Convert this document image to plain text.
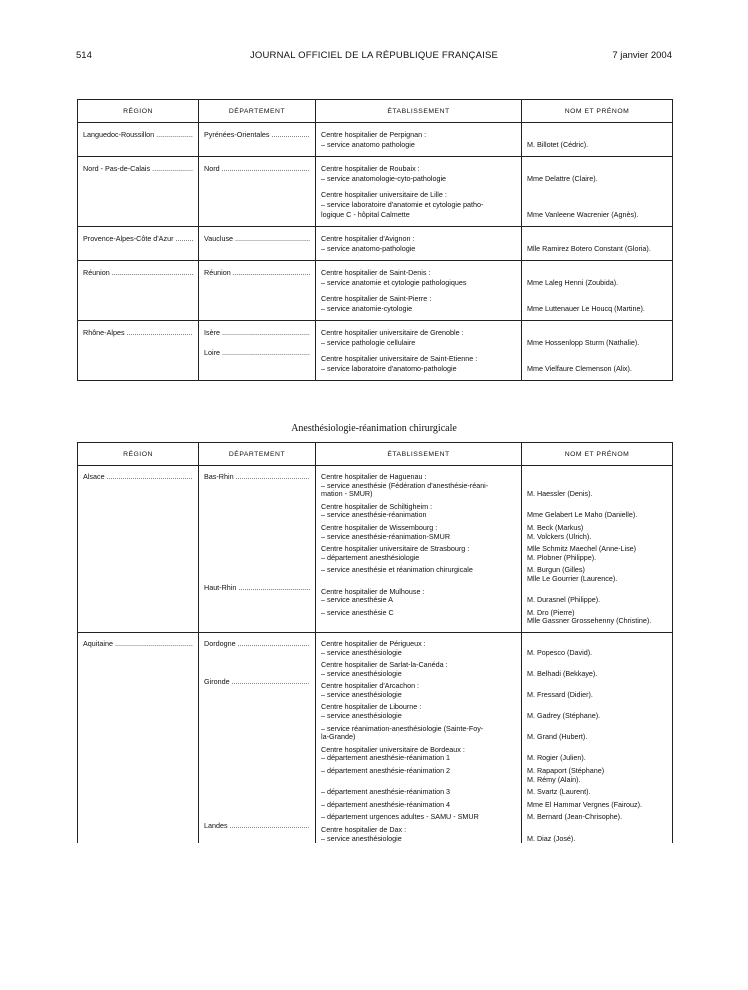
514	JOURNAL OFFICIEL DE LA RÉPUBLIQUE FRANÇAISE	7 janvier 2004
RÉGION	DÉPARTEMENT	ÉTABLISSEMENT	NOM ET PRÉNOM

Languedoc-Roussillon .....	Pyrénées-Orientales .....	Centre hospitalier de Perpignan :
– service anatomo pathologie	M. Billotet (Cédric).

Nord - Pas-de-Calais .....	Nord .....	Centre hospitalier de Roubaix :
– service anatomologie-cyto-pathologie	Mme Delattre (Claire).
		Centre hospitalier universitaire de Lille :
– service laboratoire d'anatomie et cytologie patho-
logique C - hôpital Calmette	Mme Vanleene Wacrenier (Agnès).

Provence-Alpes-Côte d'Azur .....	Vaucluse .....	Centre hospitalier d'Avignon :
– service anatomo-pathologie	Mlle Ramirez Botero Constant (Gloria).

Réunion .....	Réunion .....	Centre hospitalier de Saint-Denis :
– service anatomie et cytologie pathologiques	Mme Laleg Henni (Zoubida).
		Centre hospitalier de Saint-Pierre :
– service anatomie-cytologie	Mme Luttenauer Le Houcq (Martine).

Rhône-Alpes .....	Isère .....	Centre hospitalier universitaire de Grenoble :
– service pathologie cellulaire	Mme Hossenlopp Sturm (Nathalie).

	Loire .....	Centre hospitalier universitaire de Saint-Etienne :
– service laboratoire d'anatomo-pathologie	Mme Vielfaure Clemenson (Alix).
Anesthésiologie-réanimation chirurgicale
RÉGION	DÉPARTEMENT	ÉTABLISSEMENT	NOM ET PRÉNOM

Alsace .....	Bas-Rhin .....	Centre hospitalier de Haguenau :
– service anesthésie (Fédération d'anesthésie-réani-
mation - SMUR)	M. Haessler (Denis).
		Centre hospitalier de Schiltigheim :
– service anesthésie-réanimation	Mme Gelabert Le Maho (Danielle).
		Centre hospitalier de Wissembourg :
– service anesthésie-réanimation-SMUR	M. Beck (Markus)
M. Volckers (Ulrich).
		Centre hospitalier universitaire de Strasbourg :
– département anesthésiologie	Mlle Schmitz Maechel (Anne-Lise)
M. Plobner (Philippe).
		– service anesthésie et réanimation chirurgicale	M. Burgun (Gilles)
Mlle Le Gourrier (Laurence).

	Haut-Rhin .....	Centre hospitalier de Mulhouse :
– service anesthésie A	M. Durasnel (Philippe).
		– service anesthésie C	M. Dro (Pierre)
Mlle Gassner Grossehenny (Christine).

Aquitaine .....	Dordogne .....	Centre hospitalier de Périgueux :
– service anesthésiologie	M. Popesco (David).
		Centre hospitalier de Sarlat-la-Canéda :
– service anesthésiologie	M. Belhadi (Bekkaye).

	Gironde .....	Centre hospitalier d'Arcachon :
– service anesthésiologie	M. Fressard (Didier).
		Centre hospitalier de Libourne :
– service anesthésiologie	M. Gadrey (Stéphane).
		– service réanimation-anesthésiologie (Sainte-Foy-
la-Grande)	M. Grand (Hubert).
		Centre hospitalier universitaire de Bordeaux :
– département anesthésie-réanimation 1	M. Rogier (Julien).
		– département anesthésie-réanimation 2	M. Rapaport (Stéphane)
M. Rémy (Alain).
		– département anesthésie-réanimation 3	M. Svartz (Laurent).
		– département anesthésie-réanimation 4	Mme El Hammar Vergnes (Fairouz).
		– département urgences adultes - SAMU - SMUR	M. Bernard (Jean-Chrisophe).

	Landes .....	Centre hospitalier de Dax :
– service anesthésiologie	M. Diaz (José).
